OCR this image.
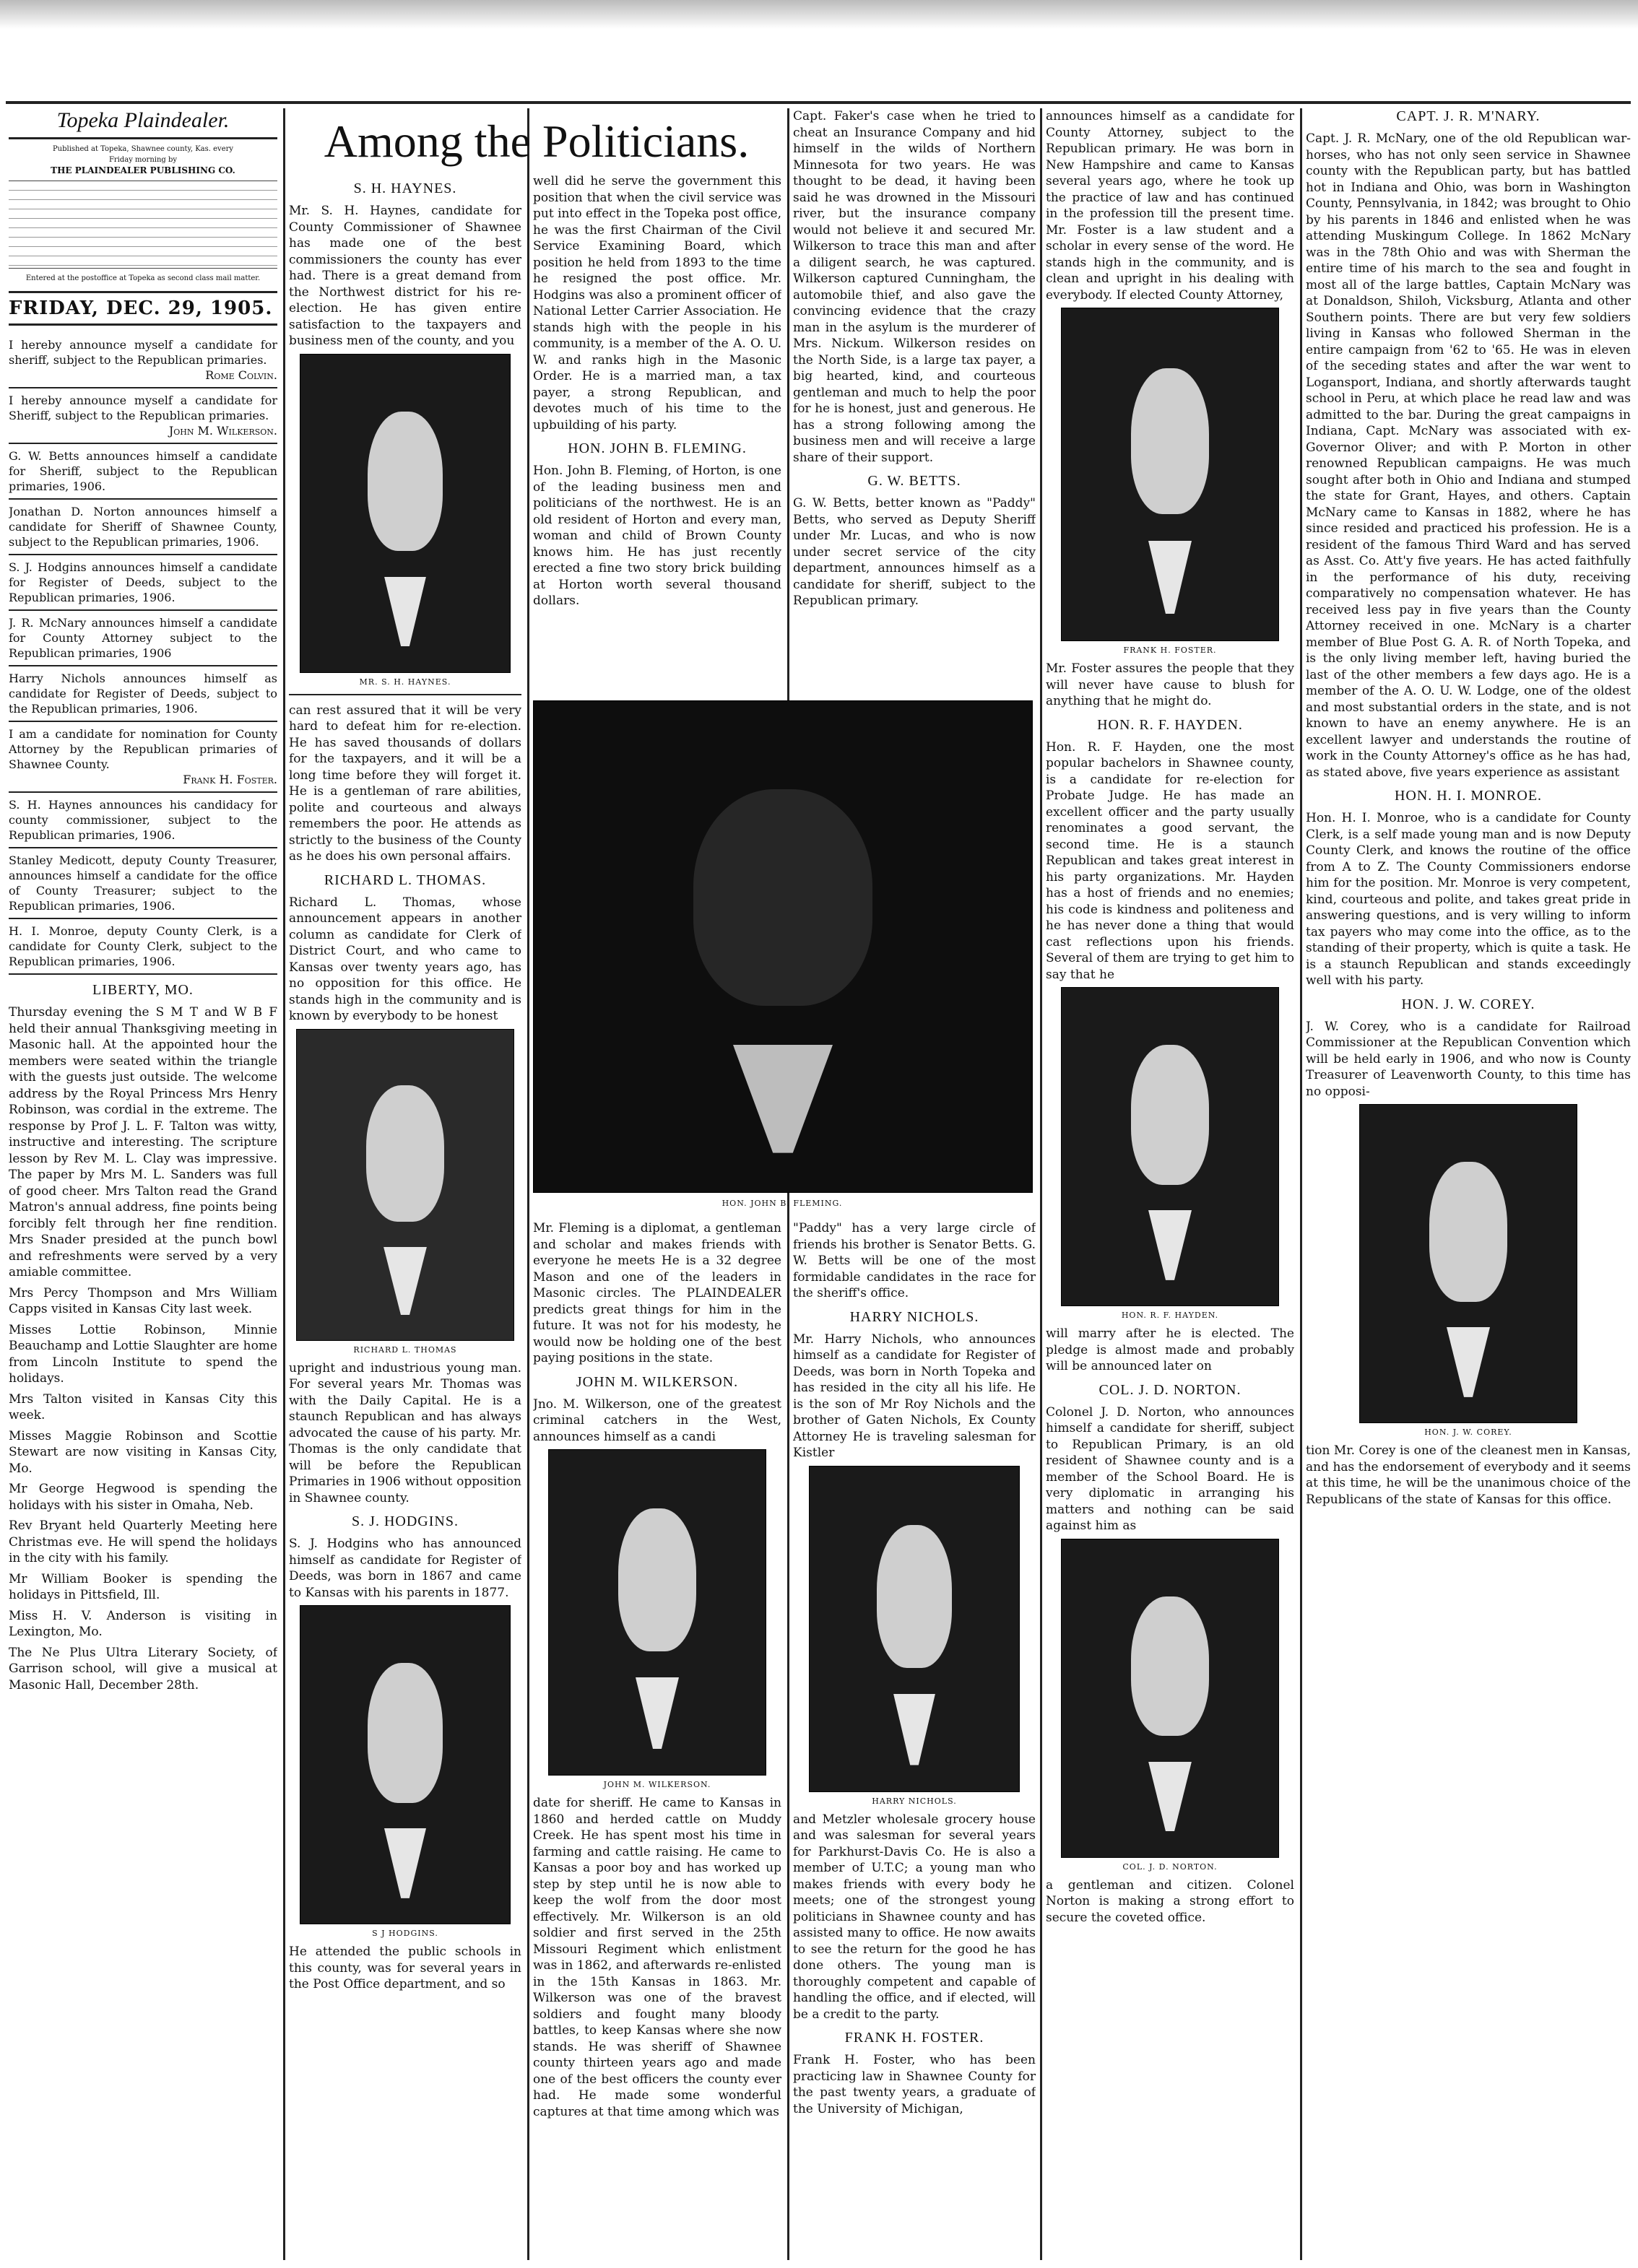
Topeka Plaindealer.

Published at Topeka, Shawnee county, Kas. every

Friday morning by

THE PLAINDEALER PUBLISHING CO.

Entered at the postoffice at Topeka as second class mail matter.

FRIDAY, DEC. 29, 1905.
I hereby announce myself a candidate for sheriff, subject to the Republican primaries.
Rome Colvin.
I hereby announce myself a candidate for Sheriff, subject to the Republican primaries.
John M. Wilkerson.
G. W. Betts announces himself a candidate for Sheriff, subject to the Republican primaries, 1906.
Jonathan D. Norton announces himself a candidate for Sheriff of Shawnee County, subject to the Republican primaries, 1906.
S. J. Hodgins announces himself a candidate for Register of Deeds, subject to the Republican primaries, 1906.
J. R. McNary announces himself a candidate for County Attorney subject to the Republican primaries, 1906
Harry Nichols announces himself as candidate for Register of Deeds, subject to the Republican primaries, 1906.
I am a candidate for nomination for County Attorney by the Republican primaries of Shawnee County.
Frank H. Foster.
S. H. Haynes announces his candidacy for county commissioner, subject to the Republican primaries, 1906.
Stanley Medicott, deputy County Treasurer, announces himself a candidate for the office of County Treasurer; subject to the Republican primaries, 1906.
H. I. Monroe, deputy County Clerk, is a candidate for County Clerk, subject to the Republican primaries, 1906.
LIBERTY, MO.

Thursday evening the S M T and W B F held their annual Thanksgiving meeting in Masonic hall. At the appointed hour the members were seated within the triangle with the guests just outside. The welcome address by the Royal Princess Mrs Henry Robinson, was cordial in the extreme. The response by Prof J. L. F. Talton was witty, instructive and interesting. The scripture lesson by Rev M. L. Clay was impressive. The paper by Mrs M. L. Sanders was full of good cheer. Mrs Talton read the Grand Matron's annual address, fine points being forcibly felt through her fine rendition. Mrs Snader presided at the punch bowl and refreshments were served by a very amiable committee.

Mrs Percy Thompson and Mrs William Capps visited in Kansas City last week.

Misses Lottie Robinson, Minnie Beauchamp and Lottie Slaughter are home from Lincoln Institute to spend the holidays.

Mrs Talton visited in Kansas City this week.

Misses Maggie Robinson and Scottie Stewart are now visiting in Kansas City, Mo.

Mr George Hegwood is spending the holidays with his sister in Omaha, Neb.

Rev Bryant held Quarterly Meeting here Christmas eve. He will spend the holidays in the city with his family.

Mr William Booker is spending the holidays in Pittsfield, Ill.

Miss H. V. Anderson is visiting in Lexington, Mo.

The Ne Plus Ultra Literary Society, of Garrison school, will give a musical at Masonic Hall, December 28th.

Among the Politicians.
S. H. HAYNES.

Mr. S. H. Haynes, candidate for County Commissioner of Shawnee has made one of the best commissioners the county has ever had. There is a great demand from the Northwest district for his re-election. He has given entire satisfaction to the taxpayers and business men of the county, and you

MR. S. H. HAYNES.

can rest assured that it will be very hard to defeat him for re-election. He has saved thousands of dollars for the taxpayers, and it will be a long time before they will forget it. He is a gentleman of rare abilities, polite and courteous and always remembers the poor. He attends as strictly to the business of the County as he does his own personal affairs.

RICHARD L. THOMAS.

Richard L. Thomas, whose announcement appears in another column as candidate for Clerk of District Court, and who came to Kansas over twenty years ago, has no opposition for this office. He stands high in the community and is known by everybody to be honest

RICHARD L. THOMAS

upright and industrious young man. For several years Mr. Thomas was with the Daily Capital. He is a staunch Republican and has always advocated the cause of his party. Mr. Thomas is the only candidate that will be before the Republican Primaries in 1906 without opposition in Shawnee county.

S. J. HODGINS.

S. J. Hodgins who has announced himself as candidate for Register of Deeds, was born in 1867 and came to Kansas with his parents in 1877.

S J HODGINS.

He attended the public schools in this county, was for several years in the Post Office department, and so

well did he serve the government this position that when the civil service was put into effect in the Topeka post office, he was the first Chairman of the Civil Service Examining Board, which position he held from 1893 to the time he resigned the post office. Mr. Hodgins was also a prominent officer of National Letter Carrier Association. He stands high with the people in his community, is a member of the A. O. U. W. and ranks high in the Masonic Order. He is a married man, a tax payer, a strong Republican, and devotes much of his time to the upbuilding of his party.

HON. JOHN B. FLEMING.

Hon. John B. Fleming, of Horton, is one of the leading business men and politicians of the northwest. He is an old resident of Horton and every man, woman and child of Brown County knows him. He has just recently erected a fine two story brick building at Horton worth several thousand dollars.

HON. JOHN B. FLEMING.

Mr. Fleming is a diplomat, a gentleman and scholar and makes friends with everyone he meets He is a 32 degree Mason and one of the leaders in Masonic circles. The PLAINDEALER predicts great things for him in the future. It was not for his modesty, he would now be holding one of the best paying positions in the state.

JOHN M. WILKERSON.

Jno. M. Wilkerson, one of the greatest criminal catchers in the West, announces himself as a candi

JOHN M. WILKERSON.

date for sheriff. He came to Kansas in 1860 and herded cattle on Muddy Creek. He has spent most his time in farming and cattle raising. He came to Kansas a poor boy and has worked up step by step until he is now able to keep the wolf from the door most effectively. Mr. Wilkerson is an old soldier and first served in the 25th Missouri Regiment which enlistment was in 1862, and afterwards re-enlisted in the 15th Kansas in 1863. Mr. Wilkerson was one of the bravest soldiers and fought many bloody battles, to keep Kansas where she now stands. He was sheriff of Shawnee county thirteen years ago and made one of the best officers the county ever had. He made some wonderful captures at that time among which was

Capt. Faker's case when he tried to cheat an Insurance Company and hid himself in the wilds of Northern Minnesota for two years. He was thought to be dead, it having been said he was drowned in the Missouri river, but the insurance company would not believe it and secured Mr. Wilkerson to trace this man and after a diligent search, he was captured. Wilkerson captured Cunningham, the automobile thief, and also gave the convincing evidence that the crazy man in the asylum is the murderer of Mrs. Nickum. Wilkerson resides on the North Side, is a large tax payer, a big hearted, kind, and courteous gentleman and much to help the poor for he is honest, just and generous. He has a strong following among the business men and will receive a large share of their support.

G. W. BETTS.

G. W. Betts, better known as "Paddy" Betts, who served as Deputy Sheriff under Mr. Lucas, and who is now under secret service of the city department, announces himself as a candidate for sheriff, subject to the Republican primary.

"Paddy" has a very large circle of friends his brother is Senator Betts. G. W. Betts will be one of the most formidable candidates in the race for the sheriff's office.

HARRY NICHOLS.

Mr. Harry Nichols, who announces himself as a candidate for Register of Deeds, was born in North Topeka and has resided in the city all his life. He is the son of Mr Roy Nichols and the brother of Gaten Nichols, Ex County Attorney He is traveling salesman for Kistler

HARRY NICHOLS.

and Metzler wholesale grocery house and was salesman for several years for Parkhurst-Davis Co. He is also a member of U.T.C; a young man who makes friends with every body he meets; one of the strongest young politicians in Shawnee county and has assisted many to office. He now awaits to see the return for the good he has done others. The young man is thoroughly competent and capable of handling the office, and if elected, will be a credit to the party.

FRANK H. FOSTER.

Frank H. Foster, who has been practicing law in Shawnee County for the past twenty years, a graduate of the University of Michigan,

announces himself as a candidate for County Attorney, subject to the Republican primary. He was born in New Hampshire and came to Kansas several years ago, where he took up the practice of law and has continued in the profession till the present time. Mr. Foster is a law student and a scholar in every sense of the word. He stands high in the community, and is clean and upright in his dealing with everybody. If elected County Attorney,

FRANK H. FOSTER.

Mr. Foster assures the people that they will never have cause to blush for anything that he might do.

HON. R. F. HAYDEN.

Hon. R. F. Hayden, one the most popular bachelors in Shawnee county, is a candidate for re-election for Probate Judge. He has made an excellent officer and the party usually renominates a good servant, the second time. He is a staunch Republican and takes great interest in his party organizations. Mr. Hayden has a host of friends and no enemies; his code is kindness and politeness and he has never done a thing that would cast reflections upon his friends. Several of them are trying to get him to say that he

HON. R. F. HAYDEN.

will marry after he is elected. The pledge is almost made and probably will be announced later on

COL. J. D. NORTON.

Colonel J. D. Norton, who announces himself a candidate for sheriff, subject to Republican Primary, is an old resident of Shawnee county and is a member of the School Board. He is very diplomatic in arranging his matters and nothing can be said against him as

COL. J. D. NORTON.

a gentleman and citizen. Colonel Norton is making a strong effort to secure the coveted office.

CAPT. J. R. M'NARY.

Capt. J. R. McNary, one of the old Republican war-horses, who has not only seen service in Shawnee county with the Republican party, but has battled hot in Indiana and Ohio, was born in Washington County, Pennsylvania, in 1842; was brought to Ohio by his parents in 1846 and enlisted when he was attending Muskingum College. In 1862 McNary was in the 78th Ohio and was with Sherman the entire time of his march to the sea and fought in most all of the large battles, Captain McNary was at Donaldson, Shiloh, Vicksburg, Atlanta and other Southern points. There are but very few soldiers living in Kansas who followed Sherman in the entire campaign from '62 to '65. He was in eleven of the seceding states and after the war went to Logansport, Indiana, and shortly afterwards taught school in Peru, at which place he read law and was admitted to the bar. During the great campaigns in Indiana, Capt. McNary was associated with ex-Governor Oliver; and with P. Morton in other renowned Republican campaigns. He was much sought after both in Ohio and Indiana and stumped the state for Grant, Hayes, and others. Captain McNary came to Kansas in 1882, where he has since resided and practiced his profession. He is a resident of the famous Third Ward and has served as Asst. Co. Att'y five years. He has acted faithfully in the performance of his duty, receiving comparatively no compensation whatever. He has received less pay in five years than the County Attorney received in one. McNary is a charter member of Blue Post G. A. R. of North Topeka, and is the only living member left, having buried the last of the other members a few days ago. He is a member of the A. O. U. W. Lodge, one of the oldest and most substantial orders in the state, and is not known to have an enemy anywhere. He is an excellent lawyer and understands the routine of work in the County Attorney's office as he has had, as stated above, five years experience as assistant

HON. H. I. MONROE.

Hon. H. I. Monroe, who is a candidate for County Clerk, is a self made young man and is now Deputy County Clerk, and knows the routine of the office from A to Z. The County Commissioners endorse him for the position. Mr. Monroe is very competent, kind, courteous and polite, and takes great pride in answering questions, and is very willing to inform tax payers who may come into the office, as to the standing of their property, which is quite a task. He is a staunch Republican and stands exceedingly well with his party.

HON. J. W. COREY.

J. W. Corey, who is a candidate for Railroad Commissioner at the Republican Convention which will be held early in 1906, and who now is County Treasurer of Leavenworth County, to this time has no opposi-

HON. J. W. COREY.

tion Mr. Corey is one of the cleanest men in Kansas, and has the endorsement of everybody and it seems at this time, he will be the unanimous choice of the Republicans of the state of Kansas for this office.
